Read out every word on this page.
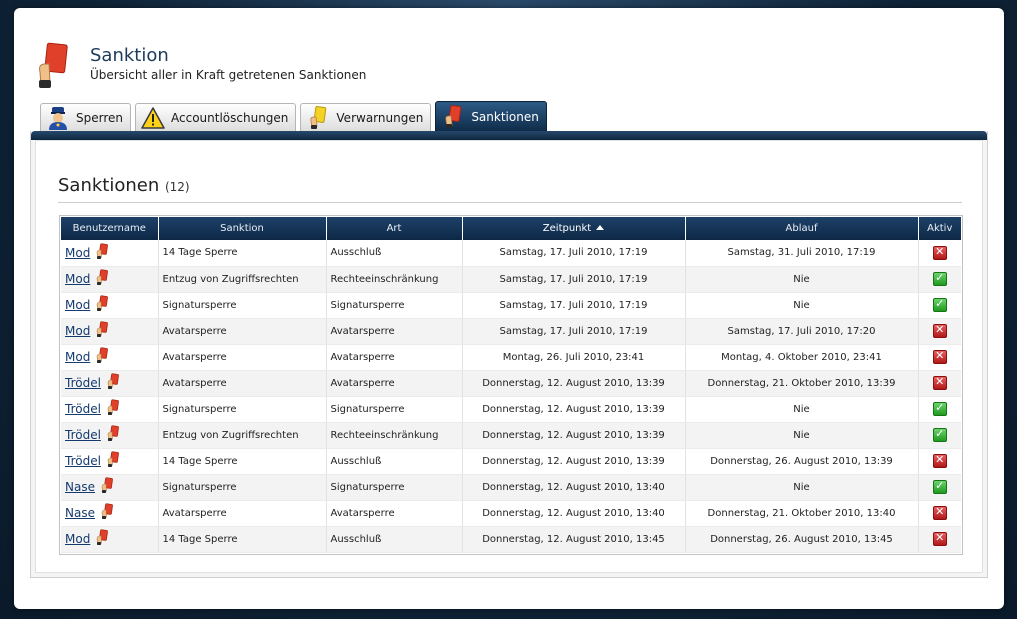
Sanktion
Übersicht aller in Kraft getretenen Sanktionen
Sperren	Accountlöschungen	Verwarnungen	Sanktionen
Sanktionen (12)
Benutzername	Sanktion	Art	Zeitpunkt	Ablauf	Aktiv
Mod	14 Tage Sperre	Ausschluß	Samstag, 17. Juli 2010, 17:19	Samstag, 31. Juli 2010, 17:19	✕

Mod	Entzug von Zugriffsrechten	Rechteeinschränkung	Samstag, 17. Juli 2010, 17:19	Nie	✓

Mod	Signatursperre	Signatursperre	Samstag, 17. Juli 2010, 17:19	Nie	✓

Mod	Avatarsperre	Avatarsperre	Samstag, 17. Juli 2010, 17:19	Samstag, 17. Juli 2010, 17:20	✕

Mod	Avatarsperre	Avatarsperre	Montag, 26. Juli 2010, 23:41	Montag, 4. Oktober 2010, 23:41	✕

Trödel	Avatarsperre	Avatarsperre	Donnerstag, 12. August 2010, 13:39	Donnerstag, 21. Oktober 2010, 13:39	✕

Trödel	Signatursperre	Signatursperre	Donnerstag, 12. August 2010, 13:39	Nie	✓

Trödel	Entzug von Zugriffsrechten	Rechteeinschränkung	Donnerstag, 12. August 2010, 13:39	Nie	✓

Trödel	14 Tage Sperre	Ausschluß	Donnerstag, 12. August 2010, 13:39	Donnerstag, 26. August 2010, 13:39	✕

Nase	Signatursperre	Signatursperre	Donnerstag, 12. August 2010, 13:40	Nie	✓

Nase	Avatarsperre	Avatarsperre	Donnerstag, 12. August 2010, 13:40	Donnerstag, 21. Oktober 2010, 13:40	✕

Mod	14 Tage Sperre	Ausschluß	Donnerstag, 12. August 2010, 13:45	Donnerstag, 26. August 2010, 13:45	✕
